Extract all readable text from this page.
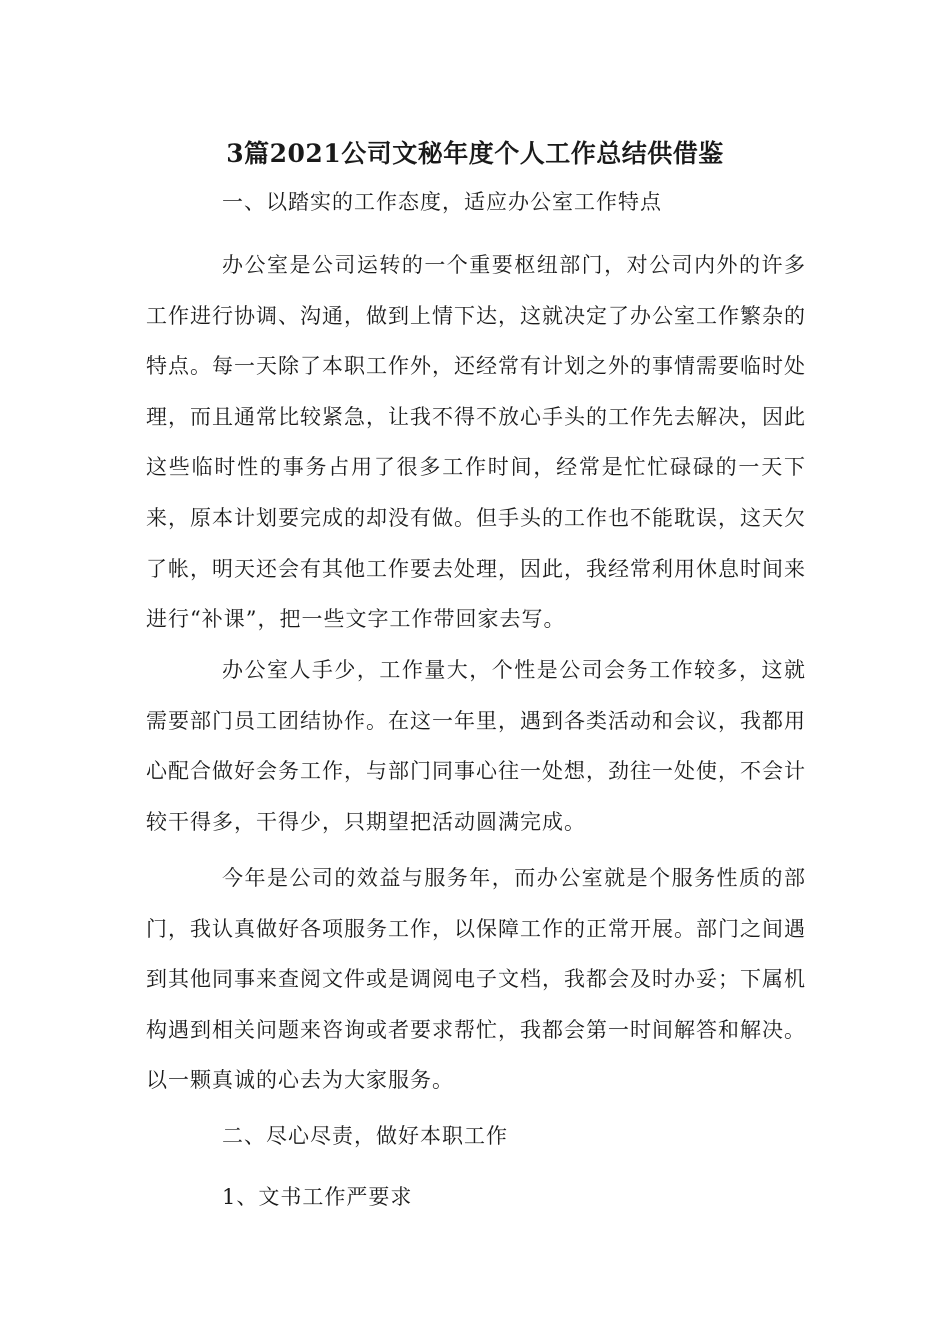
3篇2021公司文秘年度个人工作总结供借鉴
一、以踏实的工作态度，适应办公室工作特点

办公室是公司运转的一个重要枢纽部门，对公司内外的许多工作进行协调、沟通，做到上情下达，这就决定了办公室工作繁杂的特点。每一天除了本职工作外，还经常有计划之外的事情需要临时处理，而且通常比较紧急，让我不得不放心手头的工作先去解决，因此这些临时性的事务占用了很多工作时间，经常是忙忙碌碌的一天下来，原本计划要完成的却没有做。但手头的工作也不能耽误，这天欠了帐，明天还会有其他工作要去处理，因此，我经常利用休息时间来进行“补课”，把一些文字工作带回家去写。

办公室人手少，工作量大，个性是公司会务工作较多，这就需要部门员工团结协作。在这一年里，遇到各类活动和会议，我都用心配合做好会务工作，与部门同事心往一处想，劲往一处使，不会计较干得多，干得少，只期望把活动圆满完成。

今年是公司的效益与服务年，而办公室就是个服务性质的部门，我认真做好各项服务工作，以保障工作的正常开展。部门之间遇到其他同事来查阅文件或是调阅电子文档，我都会及时办妥；下属机构遇到相关问题来咨询或者要求帮忙，我都会第一时间解答和解决。以一颗真诚的心去为大家服务。

二、尽心尽责，做好本职工作
1、文书工作严要求
